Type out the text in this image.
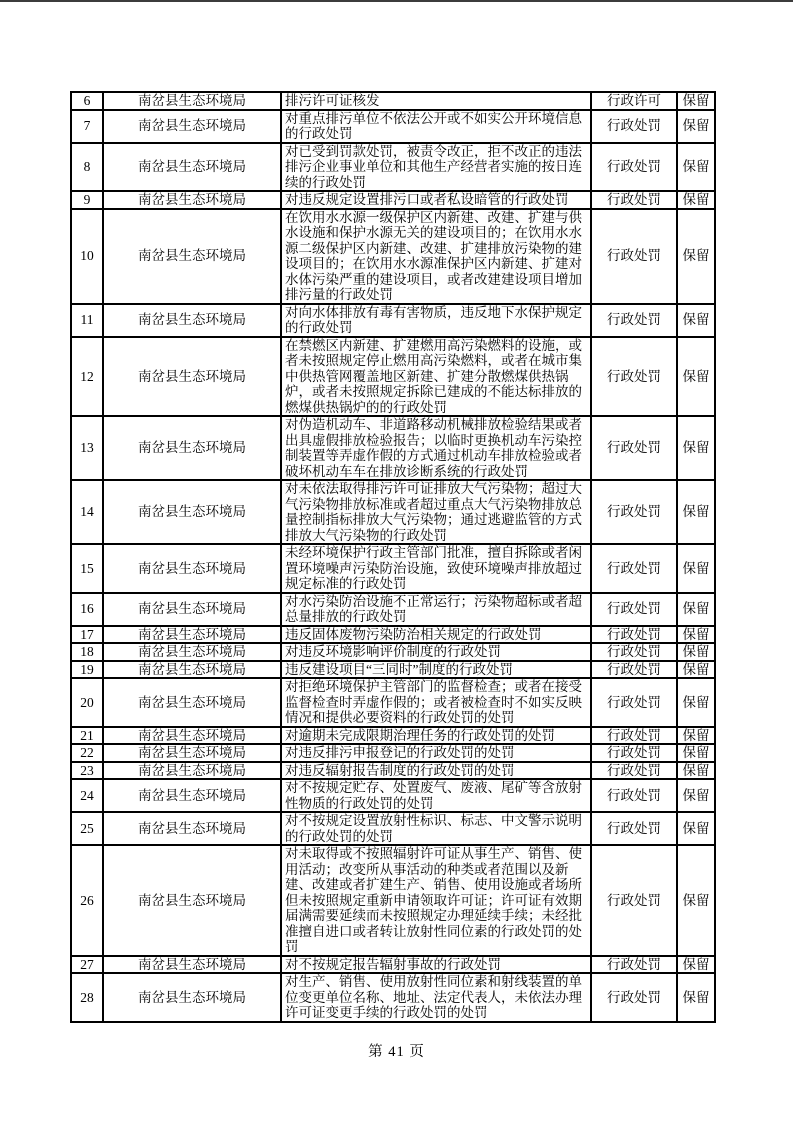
6	南岔县生态环境局	排污许可证核发	行政许可	保留
7	南岔县生态环境局	对重点排污单位不依法公开或不如实公开环境信息的行政处罚	行政处罚	保留
8	南岔县生态环境局	对已受到罚款处罚，被责令改正，拒不改正的违法排污企业事业单位和其他生产经营者实施的按日连续的行政处罚	行政处罚	保留
9	南岔县生态环境局	对违反规定设置排污口或者私设暗管的行政处罚	行政处罚	保留
10	南岔县生态环境局	在饮用水水源一级保护区内新建、改建、扩建与供水设施和保护水源无关的建设项目的；在饮用水水源二级保护区内新建、改建、扩建排放污染物的建设项目的；在饮用水水源准保护区内新建、扩建对水体污染严重的建设项目，或者改建建设项目增加排污量的行政处罚	行政处罚	保留
11	南岔县生态环境局	对向水体排放有毒有害物质，违反地下水保护规定的行政处罚	行政处罚	保留
12	南岔县生态环境局	在禁燃区内新建、扩建燃用高污染燃料的设施，或者未按照规定停止燃用高污染燃料，或者在城市集中供热管网覆盖地区新建、扩建分散燃煤供热锅炉，或者未按照规定拆除已建成的不能达标排放的燃煤供热锅炉的的行政处罚	行政处罚	保留
13	南岔县生态环境局	对伪造机动车、非道路移动机械排放检验结果或者出具虚假排放检验报告；以临时更换机动车污染控制装置等弄虚作假的方式通过机动车排放检验或者破坏机动车车在排放诊断系统的行政处罚	行政处罚	保留
14	南岔县生态环境局	对未依法取得排污许可证排放大气污染物；超过大气污染物排放标准或者超过重点大气污染物排放总量控制指标排放大气污染物；通过逃避监管的方式排放大气污染物的行政处罚	行政处罚	保留
15	南岔县生态环境局	未经环境保护行政主管部门批准，擅自拆除或者闲置环境噪声污染防治设施，致使环境噪声排放超过规定标准的行政处罚	行政处罚	保留
16	南岔县生态环境局	对水污染防治设施不正常运行；污染物超标或者超总量排放的行政处罚	行政处罚	保留
17	南岔县生态环境局	违反固体废物污染防治相关规定的行政处罚	行政处罚	保留
18	南岔县生态环境局	对违反环境影响评价制度的行政处罚	行政处罚	保留
19	南岔县生态环境局	违反建设项目“三同时”制度的行政处罚	行政处罚	保留
20	南岔县生态环境局	对拒绝环境保护主管部门的监督检查；或者在接受监督检查时弄虚作假的；或者被检查时不如实反映情况和提供必要资料的行政处罚的处罚	行政处罚	保留
21	南岔县生态环境局	对逾期未完成限期治理任务的行政处罚的处罚	行政处罚	保留
22	南岔县生态环境局	对违反排污申报登记的行政处罚的处罚	行政处罚	保留
23	南岔县生态环境局	对违反辐射报告制度的行政处罚的处罚	行政处罚	保留
24	南岔县生态环境局	对不按规定贮存、处置废气、废液、尾矿等含放射性物质的行政处罚的处罚	行政处罚	保留
25	南岔县生态环境局	对不按规定设置放射性标识、标志、中文警示说明的行政处罚的处罚	行政处罚	保留
26	南岔县生态环境局	对未取得或不按照辐射许可证从事生产、销售、使用活动；改变所从事活动的种类或者范围以及新建、改建或者扩建生产、销售、使用设施或者场所但未按照规定重新申请领取许可证；许可证有效期届满需要延续而未按照规定办理延续手续；未经批准擅自进口或者转让放射性同位素的行政处罚的处罚	行政处罚	保留
27	南岔县生态环境局	对不按规定报告辐射事故的行政处罚	行政处罚	保留
28	南岔县生态环境局	对生产、销售、使用放射性同位素和射线装置的单位变更单位名称、地址、法定代表人，未依法办理许可证变更手续的行政处罚的处罚	行政处罚	保留
第 41 页
